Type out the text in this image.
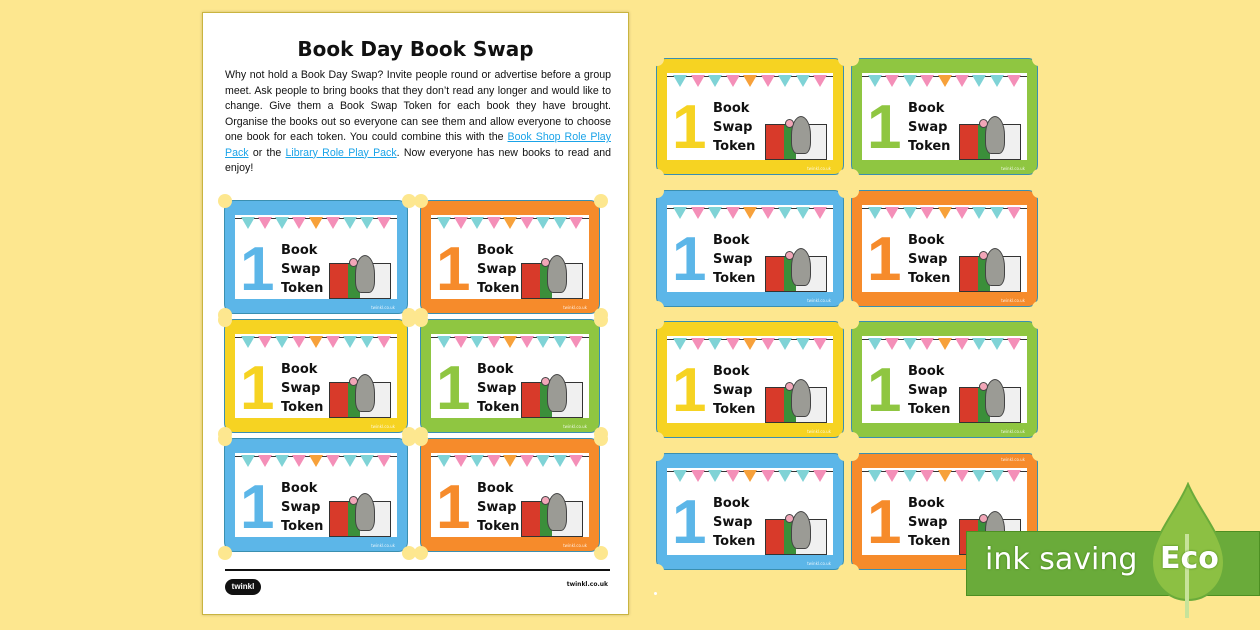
Book Day Book Swap
Why not hold a Book Day Swap? Invite people round or advertise before a group meet. Ask people to bring books that they don’t read any longer and would like to change. Give them a Book Swap Token for each book they have brought. Organise the books out so everyone can see them and allow everyone to choose one book for each token. You could combine this with the Book Shop Role Play Pack or the Library Role Play Pack. Now everyone has new books to read and enjoy!
twinkl	twinkl.co.uk
1 Book
Swap
Token
twinkl.co.uk
1 Book
Swap
Token
twinkl.co.uk
1 Book
Swap
Token
twinkl.co.uk
1 Book
Swap
Token
twinkl.co.uk
1 Book
Swap
Token
twinkl.co.uk
1 Book
Swap
Token
twinkl.co.uk
1 Book
Swap
Token
twinkl.co.uk
1 Book
Swap
Token
twinkl.co.uk
1 Book
Swap
Token
twinkl.co.uk
1 Book
Swap
Token
twinkl.co.uk
1 Book
Swap
Token
twinkl.co.uk
1 Book
Swap
Token
twinkl.co.uk
1 Book
Swap
Token
twinkl.co.uk
1 Book
Swap
Token
twinkl.co.uk
ink saving Eco
